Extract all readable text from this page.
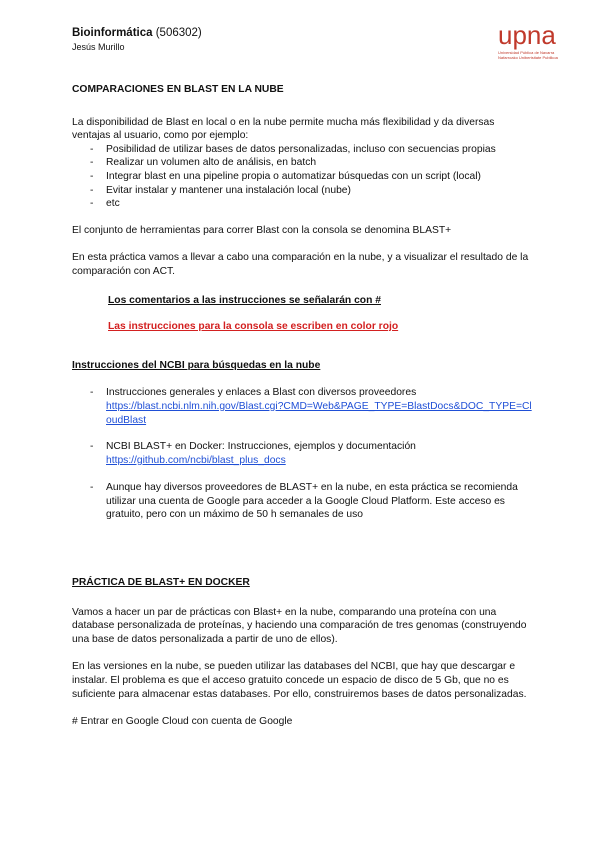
Bioinformática (506302)
Jesús Murillo	upna
Universidad Pública de Navarra
Nafarroako Unibertsitate Publikoa

COMPARACIONES EN BLAST EN LA NUBE

La disponibilidad de Blast en local o en la nube permite mucha más flexibilidad y da diversas ventajas al usuario, como por ejemplo:

- Posibilidad de utilizar bases de datos personalizadas, incluso con secuencias propias
- Realizar un volumen alto de análisis, en batch
- Integrar blast en una pipeline propia o automatizar búsquedas con un script (local)
- Evitar instalar y mantener una instalación local (nube)
- etc

El conjunto de herramientas para correr Blast con la consola se denomina BLAST+

En esta práctica vamos a llevar a cabo una comparación en la nube, y a visualizar el resultado de la comparación con ACT.

Los comentarios a las instrucciones se señalarán con #

Las instrucciones para la consola se escriben en color rojo

Instrucciones del NCBI para búsquedas en la nube

- Instrucciones generales y enlaces a Blast con diversos proveedores
https://blast.ncbi.nlm.nih.gov/Blast.cgi?CMD=Web&PAGE_TYPE=BlastDocs&DOC_TYPE=CloudBlast
- NCBI BLAST+ en Docker: Instrucciones, ejemplos y documentación
https://github.com/ncbi/blast_plus_docs
- Aunque hay diversos proveedores de BLAST+ en la nube, en esta práctica se recomienda utilizar una cuenta de Google para acceder a la Google Cloud Platform. Este acceso es gratuito, pero con un máximo de 50 h semanales de uso

PRÁCTICA DE BLAST+ EN DOCKER

Vamos a hacer un par de prácticas con Blast+ en la nube, comparando una proteína con una database personalizada de proteínas, y haciendo una comparación de tres genomas (construyendo una base de datos personalizada a partir de uno de ellos).

En las versiones en la nube, se pueden utilizar las databases del NCBI, que hay que descargar e instalar. El problema es que el acceso gratuito concede un espacio de disco de 5 Gb, que no es suficiente para almacenar estas databases. Por ello, construiremos bases de datos personalizadas.

# Entrar en Google Cloud con cuenta de Google
